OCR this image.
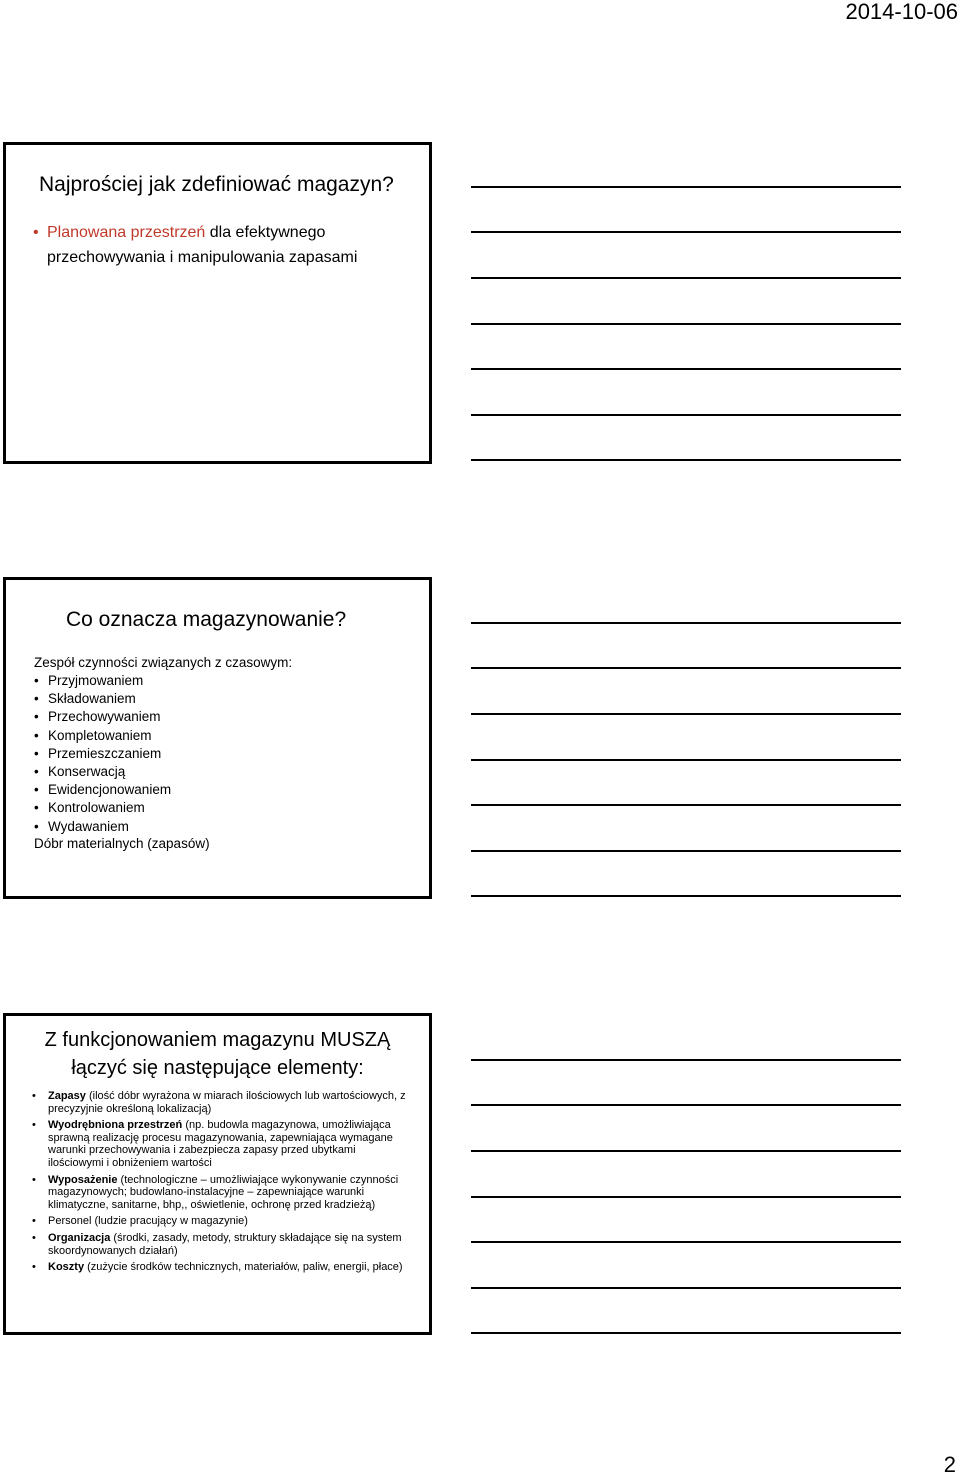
2014-10-06
Najprościej jak zdefiniować magazyn?
• Planowana przestrzeń dla efektywnego przechowywania i manipulowania zapasami
Co oznacza magazynowanie?
Zespół czynności związanych z czasowym:
• Przyjmowaniem
• Składowaniem
• Przechowywaniem
• Kompletowaniem
• Przemieszczaniem
• Konserwacją
• Ewidencjonowaniem
• Kontrolowaniem
• Wydawaniem
Dóbr materialnych (zapasów)
Z funkcjonowaniem magazynu MUSZĄ
łączyć się następujące elementy:
•	Zapasy (ilość dóbr wyrażona w miarach ilościowych lub wartościowych, z precyzyjnie określoną lokalizacją)
•	Wyodrębniona przestrzeń (np. budowla magazynowa, umożliwiająca sprawną realizację procesu magazynowania, zapewniająca wymagane warunki przechowywania i zabezpiecza zapasy przed ubytkami ilościowymi i obniżeniem wartości
•	Wyposażenie (technologiczne – umożliwiające wykonywanie czynności magazynowych; budowlano-instalacyjne – zapewniające warunki klimatyczne, sanitarne, bhp,, oświetlenie, ochronę przed kradzieżą)
•	Personel (ludzie pracujący w magazynie)
•	Organizacja (środki, zasady, metody, struktury składające się na system skoordynowanych działań)
•	Koszty (zużycie środków technicznych, materiałów, paliw, energii, płace)
2
